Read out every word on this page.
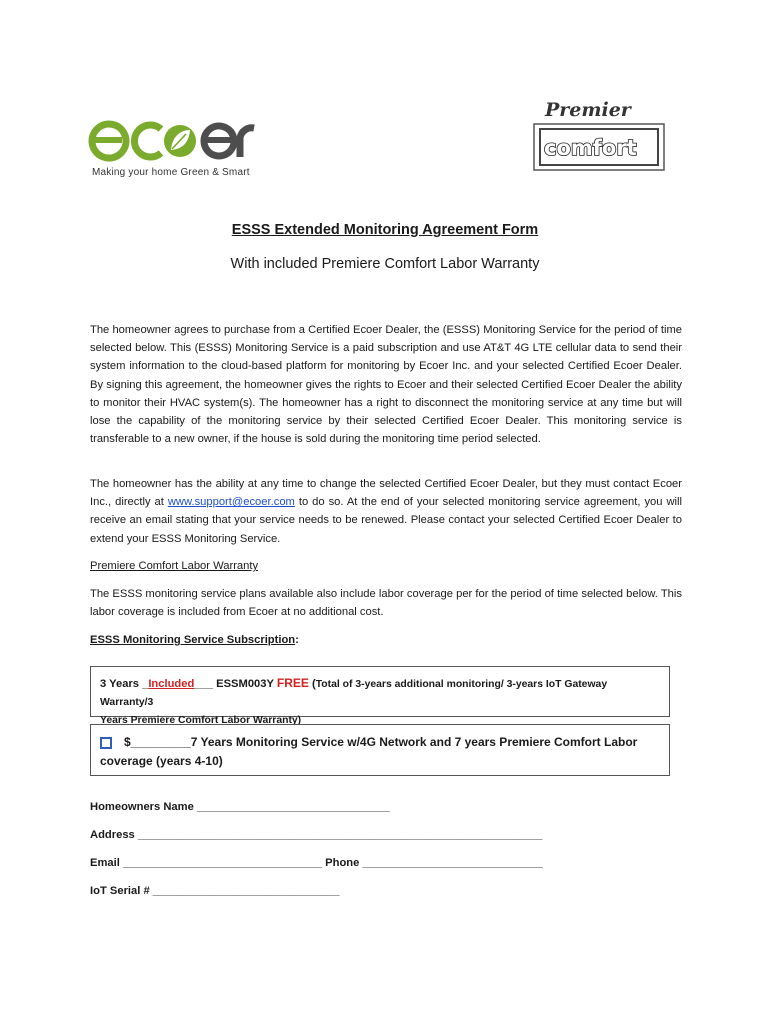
Making your home Green & Smart
Premier
comfort
ESSS Extended Monitoring Agreement Form
With included Premiere Comfort Labor Warranty
The homeowner agrees to purchase from a Certified Ecoer Dealer, the (ESSS) Monitoring Service for the period of time selected below. This (ESSS) Monitoring Service is a paid subscription and use AT&T 4G LTE cellular data to send their system information to the cloud-based platform for monitoring by Ecoer Inc. and your selected Certified Ecoer Dealer. By signing this agreement, the homeowner gives the rights to Ecoer and their selected Certified Ecoer Dealer the ability to monitor their HVAC system(s). The homeowner has a right to disconnect the monitoring service at any time but will lose the capability of the monitoring service by their selected Certified Ecoer Dealer. This monitoring service is transferable to a new owner, if the house is sold during the monitoring time period selected.
The homeowner has the ability at any time to change the selected Certified Ecoer Dealer, but they must contact Ecoer Inc., directly at www.support@ecoer.com to do so. At the end of your selected monitoring service agreement, you will receive an email stating that your service needs to be renewed. Please contact your selected Certified Ecoer Dealer to extend your ESSS Monitoring Service.
Premiere Comfort Labor Warranty
The ESSS monitoring service plans available also include labor coverage per for the period of time selected below. This labor coverage is included from Ecoer at no additional cost.
ESSS Monitoring Service Subscription:
3 Years _Included___ ESSM003Y FREE (Total of 3-years additional monitoring/ 3-years IoT Gateway Warranty/3
Years Premiere Comfort Labor Warranty)
$_________7 Years Monitoring Service w/4G Network and 7 years Premiere Comfort Labor coverage (years 4-10)
Homeowners Name _______________________________
Address _________________________________________________________________
Email ________________________________ Phone _____________________________
IoT Serial # ______________________________
